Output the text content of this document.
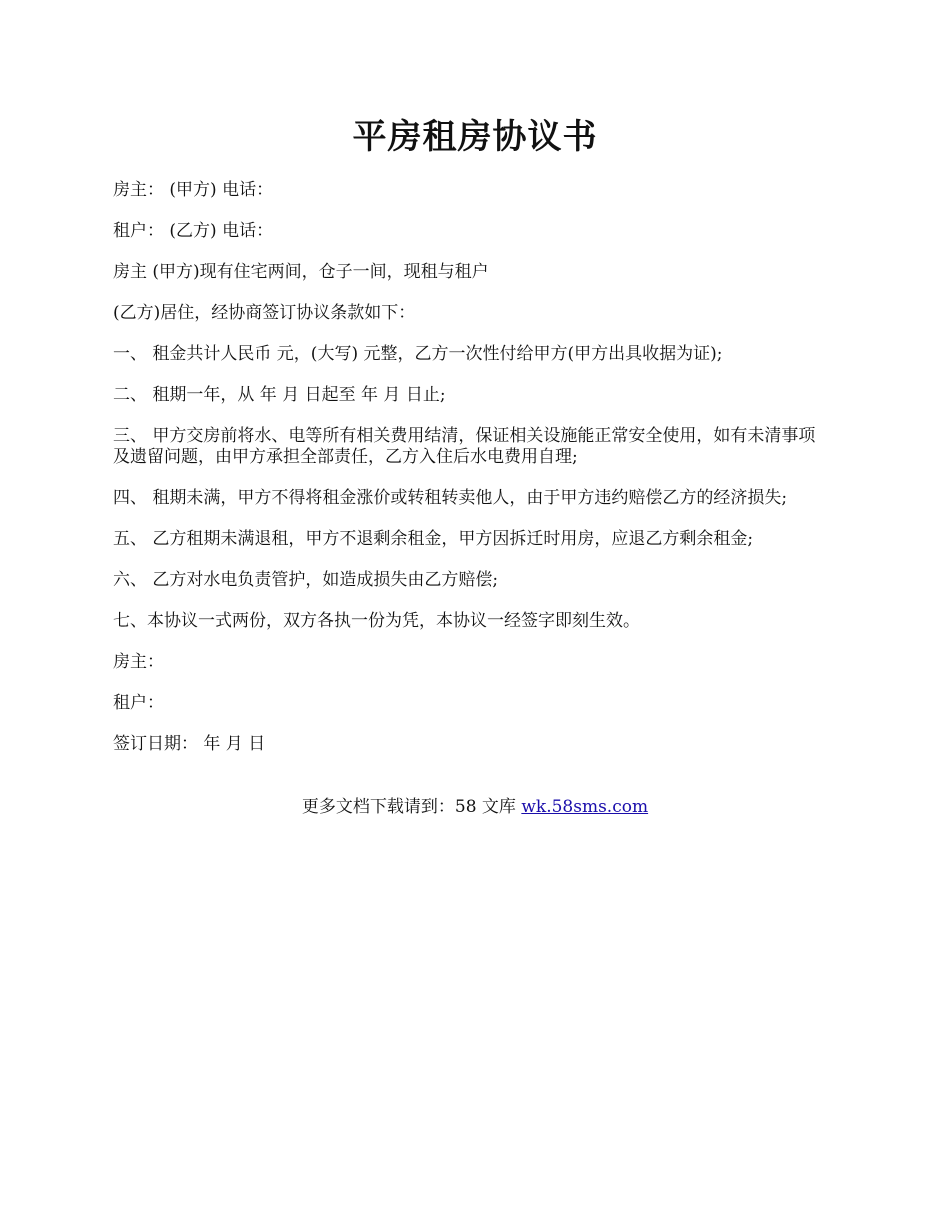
平房租房协议书

房主： (甲方) 电话：

租户： (乙方) 电话：

房主 (甲方)现有住宅两间，仓子一间，现租与租户

(乙方)居住，经协商签订协议条款如下：

一、 租金共计人民币 元，(大写) 元整，乙方一次性付给甲方(甲方出具收据为证);

二、 租期一年，从 年 月 日起至 年 月 日止;

三、 甲方交房前将水、电等所有相关费用结清，保证相关设施能正常安全使用，如有未清事项及遗留问题，由甲方承担全部责任，乙方入住后水电费用自理;

四、 租期未满，甲方不得将租金涨价或转租转卖他人，由于甲方违约赔偿乙方的经济损失;

五、 乙方租期未满退租，甲方不退剩余租金，甲方因拆迁时用房，应退乙方剩余租金;

六、 乙方对水电负责管护，如造成损失由乙方赔偿;

七、本协议一式两份，双方各执一份为凭，本协议一经签字即刻生效。

房主：

租户：

签订日期： 年 月 日

更多文档下载请到：58 文库 wk.58sms.com
